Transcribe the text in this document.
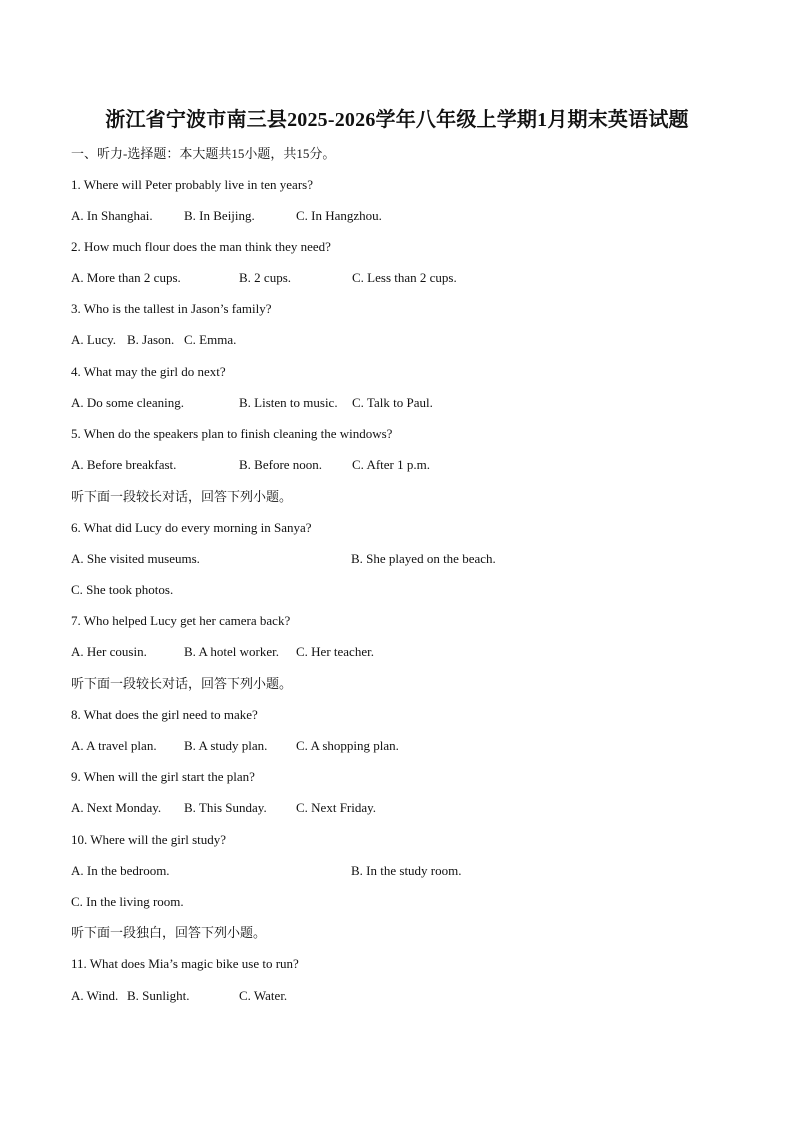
浙江省宁波市南三县2025-2026学年八年级上学期1月期末英语试题
一、听力-选择题：本大题共15小题，共15分。
1. Where will Peter probably live in ten years?
A. In Shanghai. B. In Beijing.	C. In Hangzhou.
2. How much flour does the man think they need?
A. More than 2 cups.	B. 2 cups.	C. Less than 2 cups.
3. Who is the tallest in Jason’s family?
A. Lucy. B. Jason. C. Emma.
4. What may the girl do next?
A. Do some cleaning.	B. Listen to music. C. Talk to Paul.
5. When do the speakers plan to finish cleaning the windows?
A. Before breakfast.	B. Before noon. C. After 1 p.m.
听下面一段较长对话，回答下列小题。
6. What did Lucy do every morning in Sanya?
A. She visited museums.	B. She played on the beach.
C. She took photos.
7. Who helped Lucy get her camera back?
A. Her cousin.	B. A hotel worker. C. Her teacher.
听下面一段较长对话，回答下列小题。
8. What does the girl need to make?
A. A travel plan. B. A study plan. C. A shopping plan.
9. When will the girl start the plan?
A. Next Monday. B. This Sunday. C. Next Friday.
10. Where will the girl study?
A. In the bedroom.	B. In the study room.
C. In the living room.
听下面一段独白，回答下列小题。
11. What does Mia’s magic bike use to run?
A. Wind. B. Sunlight.	C. Water.
